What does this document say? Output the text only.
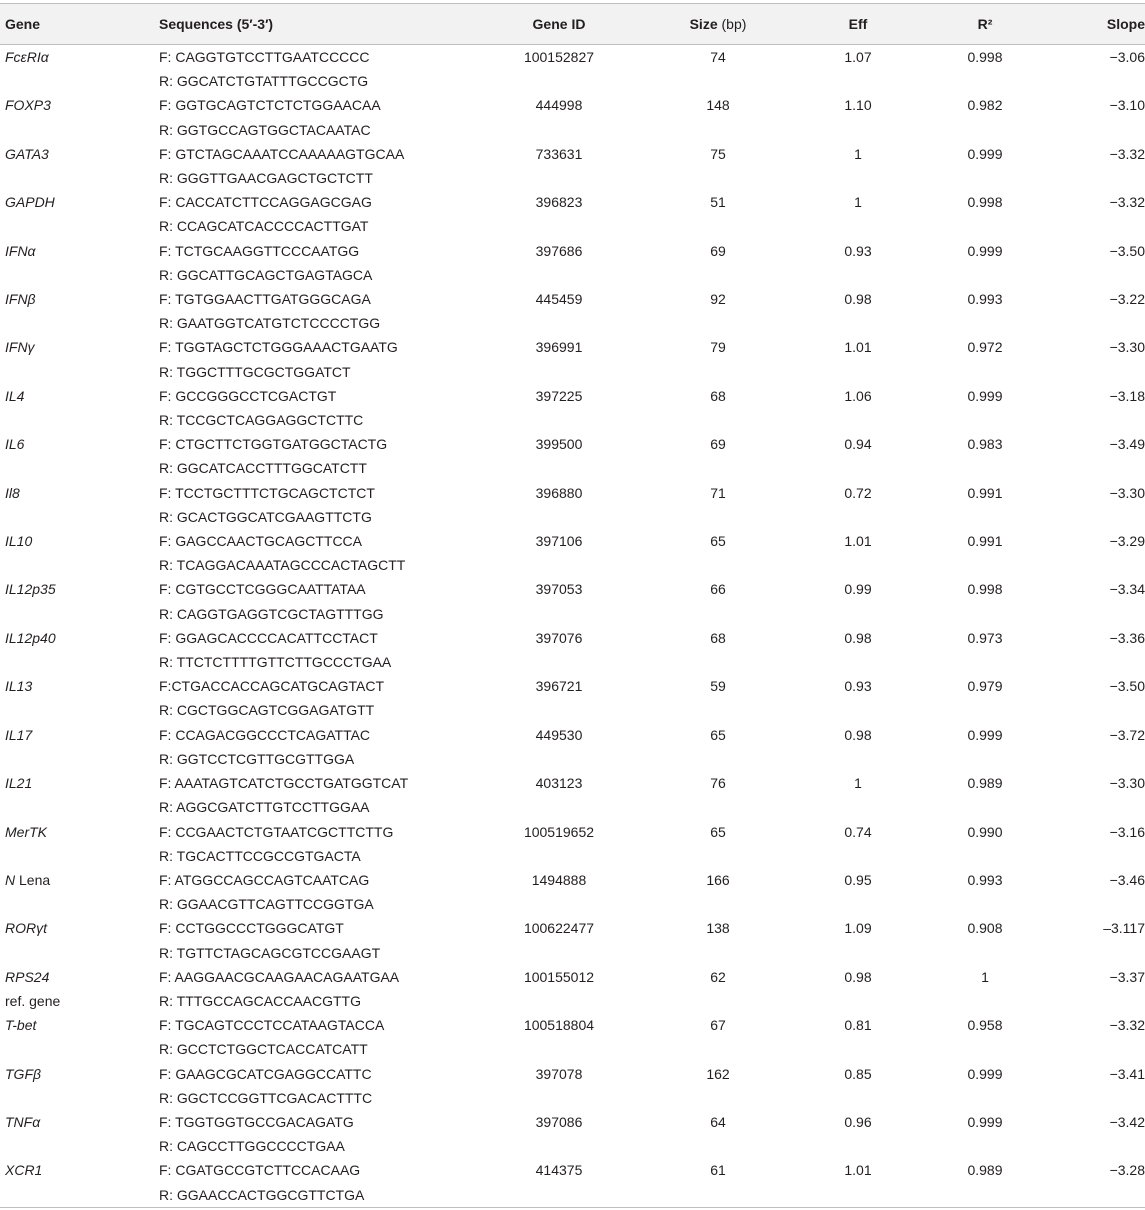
Gene	Sequences (5′-3′)	Gene ID	Size (bp)	Eff	R²	Slope
FcεRIα	F: CAGGTGTCCTTGAATCCCCC	100152827	74	1.07	0.998	−3.06
	R: GGCATCTGTATTTGCCGCTG					
FOXP3	F: GGTGCAGTCTCTCTGGAACAA	444998	148	1.10	0.982	−3.10
	R: GGTGCCAGTGGCTACAATAC					
GATA3	F: GTCTAGCAAATCCAAAAAGTGCAA	733631	75	1	0.999	−3.32
	R: GGGTTGAACGAGCTGCTCTT					
GAPDH	F: CACCATCTTCCAGGAGCGAG	396823	51	1	0.998	−3.32
	R: CCAGCATCACCCCACTTGAT					
IFNα	F: TCTGCAAGGTTCCCAATGG	397686	69	0.93	0.999	−3.50
	R: GGCATTGCAGCTGAGTAGCA					
IFNβ	F: TGTGGAACTTGATGGGCAGA	445459	92	0.98	0.993	−3.22
	R: GAATGGTCATGTCTCCCCTGG					
IFNγ	F: TGGTAGCTCTGGGAAACTGAATG	396991	79	1.01	0.972	−3.30
	R: TGGCTTTGCGCTGGATCT					
IL4	F: GCCGGGCCTCGACTGT	397225	68	1.06	0.999	−3.18
	R: TCCGCTCAGGAGGCTCTTC					
IL6	F: CTGCTTCTGGTGATGGCTACTG	399500	69	0.94	0.983	−3.49
	R: GGCATCACCTTTGGCATCTT					
Il8	F: TCCTGCTTTCTGCAGCTCTCT	396880	71	0.72	0.991	−3.30
	R: GCACTGGCATCGAAGTTCTG					
IL10	F: GAGCCAACTGCAGCTTCCA	397106	65	1.01	0.991	−3.29
	R: TCAGGACAAATAGCCCACTAGCTT					
IL12p35	F: CGTGCCTCGGGCAATTATAA	397053	66	0.99	0.998	−3.34
	R: CAGGTGAGGTCGCTAGTTTGG					
IL12p40	F: GGAGCACCCCACATTCCTACT	397076	68	0.98	0.973	−3.36
	R: TTCTCTTTTGTTCTTGCCCTGAA					
IL13	F:CTGACCACCAGCATGCAGTACT	396721	59	0.93	0.979	−3.50
	R: CGCTGGCAGTCGGAGATGTT					
IL17	F: CCAGACGGCCCTCAGATTAC	449530	65	0.98	0.999	−3.72
	R: GGTCCTCGTTGCGTTGGA					
IL21	F: AAATAGTCATCTGCCTGATGGTCAT	403123	76	1	0.989	−3.30
	R: AGGCGATCTTGTCCTTGGAA					
MerTK	F: CCGAACTCTGTAATCGCTTCTTG	100519652	65	0.74	0.990	−3.16
	R: TGCACTTCCGCCGTGACTA					
N Lena	F: ATGGCCAGCCAGTCAATCAG	1494888	166	0.95	0.993	−3.46
	R: GGAACGTTCAGTTCCGGTGA					
RORγt	F: CCTGGCCCTGGGCATGT	100622477	138	1.09	0.908	–3.117
	R: TGTTCTAGCAGCGTCCGAAGT					
RPS24	F: AAGGAACGCAAGAACAGAATGAA	100155012	62	0.98	1	−3.37
ref. gene	R: TTTGCCAGCACCAACGTTG					
T-bet	F: TGCAGTCCCTCCATAAGTACCA	100518804	67	0.81	0.958	−3.32
	R: GCCTCTGGCTCACCATCATT					
TGFβ	F: GAAGCGCATCGAGGCCATTC	397078	162	0.85	0.999	−3.41
	R: GGCTCCGGTTCGACACTTTC					
TNFα	F: TGGTGGTGCCGACAGATG	397086	64	0.96	0.999	−3.42
	R: CAGCCTTGGCCCCTGAA					
XCR1	F: CGATGCCGTCTTCCACAAG	414375	61	1.01	0.989	−3.28
	R: GGAACCACTGGCGTTCTGA					
